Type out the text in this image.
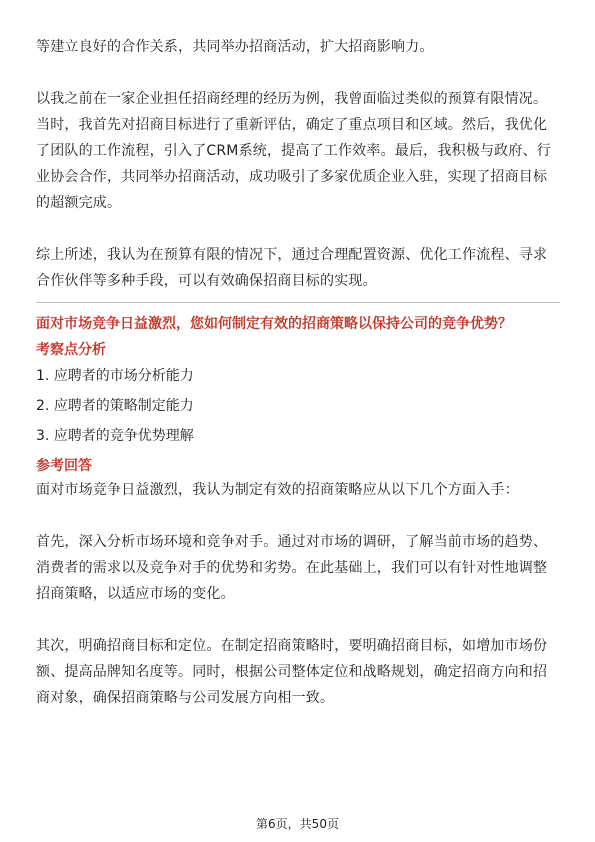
等建立良好的合作关系，共同举办招商活动，扩大招商影响力。

以我之前在一家企业担任招商经理的经历为例，我曾面临过类似的预算有限情况。当时，我首先对招商目标进行了重新评估，确定了重点项目和区域。然后，我优化了团队的工作流程，引入了CRM系统，提高了工作效率。最后，我积极与政府、行业协会合作，共同举办招商活动，成功吸引了多家优质企业入驻，实现了招商目标的超额完成。

综上所述，我认为在预算有限的情况下，通过合理配置资源、优化工作流程、寻求合作伙伴等多种手段，可以有效确保招商目标的实现。

面对市场竞争日益激烈，您如何制定有效的招商策略以保持公司的竞争优势？

考察点分析

1. 应聘者的市场分析能力

2. 应聘者的策略制定能力

3. 应聘者的竞争优势理解

参考回答

面对市场竞争日益激烈，我认为制定有效的招商策略应从以下几个方面入手：

首先，深入分析市场环境和竞争对手。通过对市场的调研，了解当前市场的趋势、消费者的需求以及竞争对手的优势和劣势。在此基础上，我们可以有针对性地调整招商策略，以适应市场的变化。

其次，明确招商目标和定位。在制定招商策略时，要明确招商目标，如增加市场份额、提高品牌知名度等。同时，根据公司整体定位和战略规划，确定招商方向和招商对象，确保招商策略与公司发展方向相一致。

第6页，共50页
